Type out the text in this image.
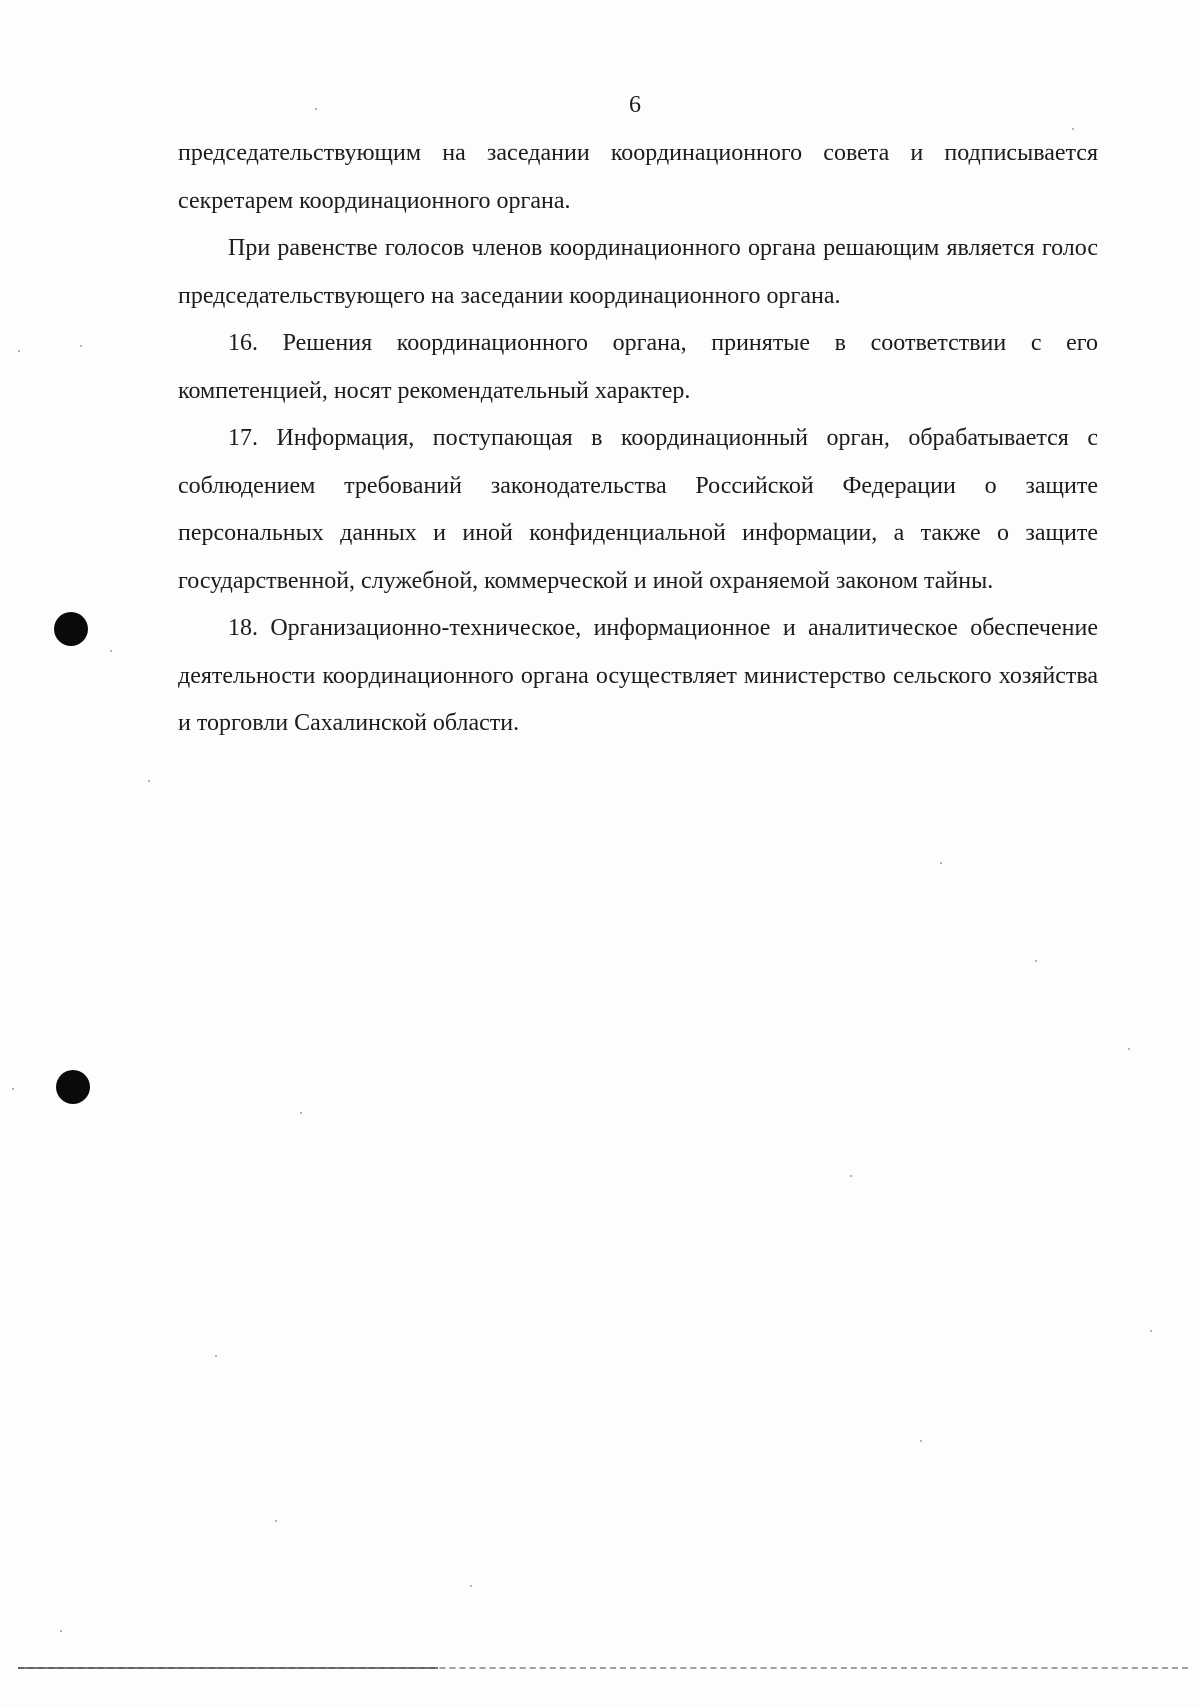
6

председательствующим на заседании координационного совета и подписывается секретарем координационного органа.

При равенстве голосов членов координационного органа решающим является голос председательствующего на заседании координационного органа.

16. Решения координационного органа, принятые в соответствии с его компетенцией, носят рекомендательный характер.

17. Информация, поступающая в координационный орган, обрабатывается с соблюдением требований законодательства Российской Федерации о защите персональных данных и иной конфиденциальной информации, а также о защите государственной, служебной, коммерческой и иной охраняемой законом тайны.

18. Организационно-техническое, информационное и аналитическое обеспечение деятельности координационного органа осуществляет министерство сельского хозяйства и торговли Сахалинской области.
